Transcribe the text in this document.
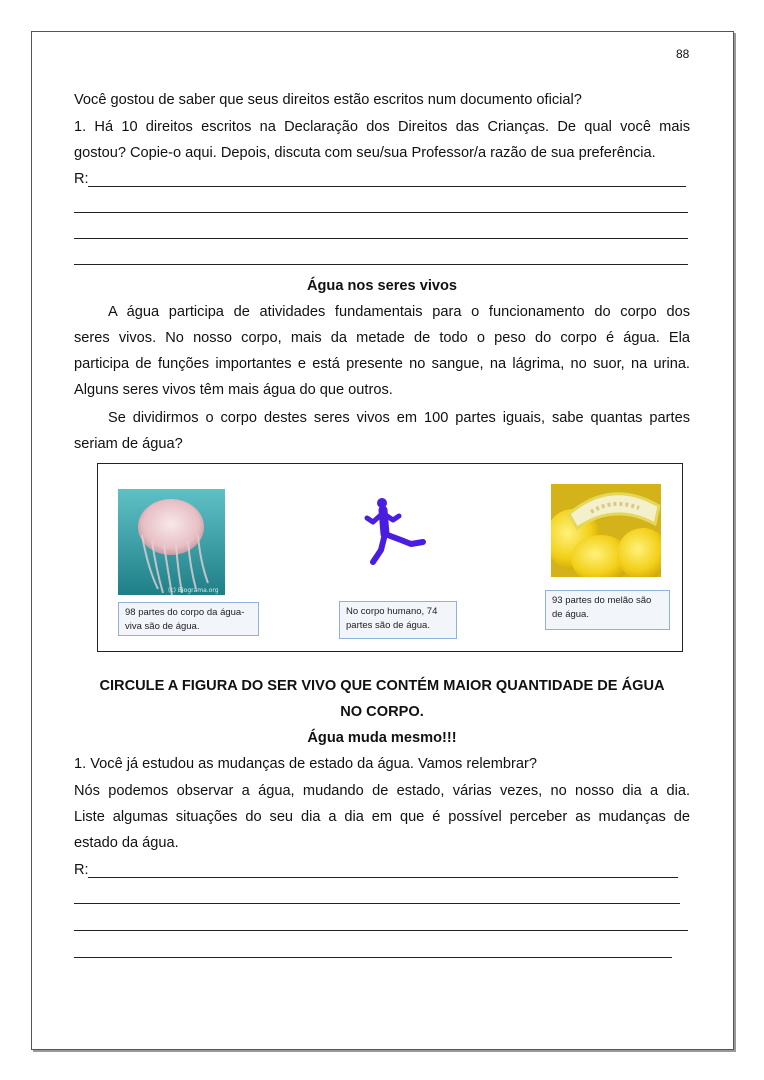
88
Você gostou de saber que seus direitos estão escritos num documento oficial?
1. Há 10 direitos escritos na Declaração dos Direitos das Crianças. De qual você mais
gostou? Copie-o aqui. Depois, discuta com seu/sua Professor/a razão de sua preferência.
R:
Água nos seres vivos
A água participa de atividades fundamentais para o funcionamento do corpo dos
seres vivos. No nosso corpo, mais da metade de todo o peso do corpo é água. Ela
participa de funções importantes e está presente no sangue, na lágrima, no suor, na urina.
Alguns seres vivos têm mais água do que outros.
Se dividirmos o corpo destes seres vivos em 100 partes iguais, sabe quantas partes
seriam de água?
(c) Biograma.org
98 partes do corpo da água-viva são de água.
No corpo humano, 74 partes são de água.
93 partes do melão são de água.
CIRCULE A FIGURA DO SER VIVO QUE CONTÉM MAIOR QUANTIDADE DE ÁGUA
NO CORPO.
Água muda mesmo!!!
1. Você já estudou as mudanças de estado da água. Vamos relembrar?
Nós podemos observar a água, mudando de estado, várias vezes, no nosso dia a dia.
Liste algumas situações do seu dia a dia em que é possível perceber as mudanças de
estado da água.
R:
